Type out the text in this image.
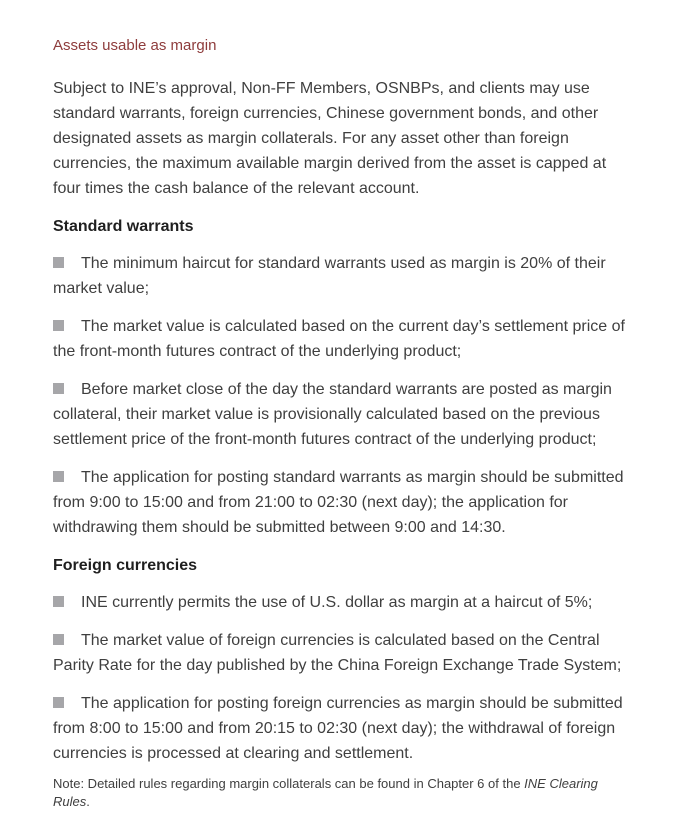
Assets usable as margin

Subject to INE’s approval, Non-FF Members, OSNBPs, and clients may use standard warrants, foreign currencies, Chinese government bonds, and other designated assets as margin collaterals. For any asset other than foreign currencies, the maximum available margin derived from the asset is capped at four times the cash balance of the relevant account.

Standard warrants
The minimum haircut for standard warrants used as margin is 20% of their market value;
The market value is calculated based on the current day’s settlement price of the front-month futures contract of the underlying product;
Before market close of the day the standard warrants are posted as margin collateral, their market value is provisionally calculated based on the previous settlement price of the front-month futures contract of the underlying product;
The application for posting standard warrants as margin should be submitted from 9:00 to 15:00 and from 21:00 to 02:30 (next day); the application for withdrawing them should be submitted between 9:00 and 14:30.
Foreign currencies
INE currently permits the use of U.S. dollar as margin at a haircut of 5%;
The market value of foreign currencies is calculated based on the Central Parity Rate for the day published by the China Foreign Exchange Trade System;
The application for posting foreign currencies as margin should be submitted from 8:00 to 15:00 and from 20:15 to 02:30 (next day); the withdrawal of foreign currencies is processed at clearing and settlement.

Note: Detailed rules regarding margin collaterals can be found in Chapter 6 of the INE Clearing Rules.
